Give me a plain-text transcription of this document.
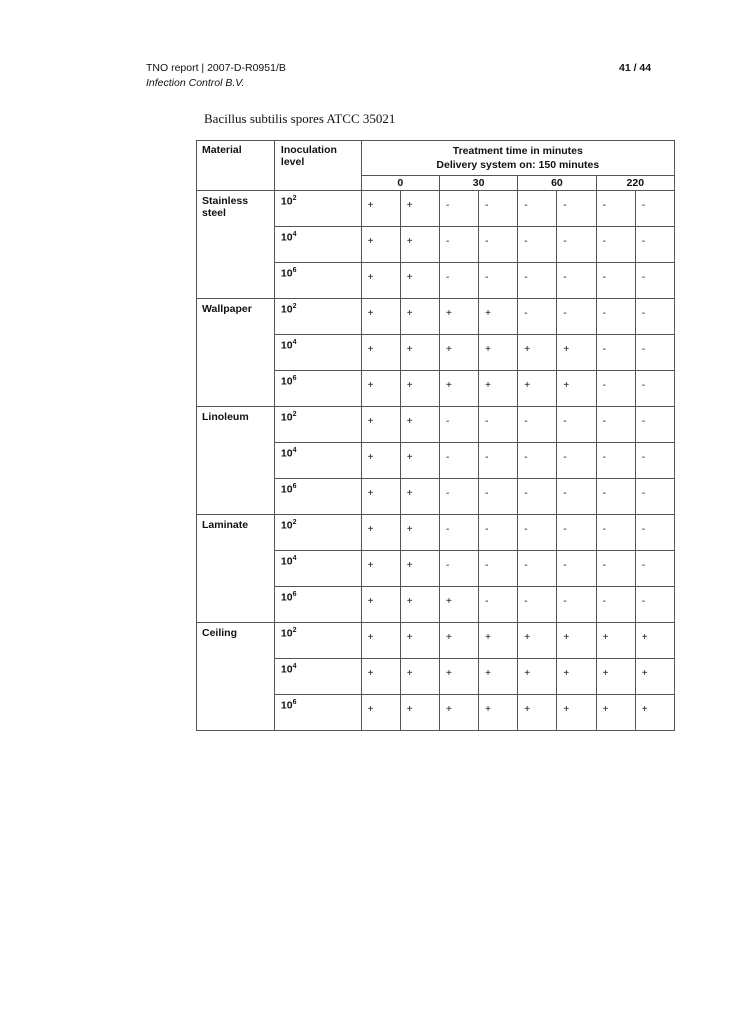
TNO report | 2007-D-R0951/B
Infection Control B.V.
41 / 44
Bacillus subtilis spores ATCC 35021
Material	Inoculation level	Treatment time in minutes
Delivery system on: 150 minutes							

		0		30		60		220	
Stainless steel	$10^2$	+	+	-	-	-	-	-	-
	$10^4$	+	+	-	-	-	-	-	-
	$10^6$	+	+	-	-	-	-	-	-
Wallpaper	$10^2$	+	+	+	+	-	-	-	-
	$10^4$	+	+	+	+	+	+	-	-
	$10^6$	+	+	+	+	+	+	-	-
Linoleum	$10^2$	+	+	-	-	-	-	-	-
	$10^4$	+	+	-	-	-	-	-	-
	$10^6$	+	+	-	-	-	-	-	-
Laminate	$10^2$	+	+	-	-	-	-	-	-
	$10^4$	+	+	-	-	-	-	-	-
	$10^6$	+	+	+	-	-	-	-	-
Ceiling	$10^2$	+	+	+	+	+	+	+	+
	$10^4$	+	+	+	+	+	+	+	+
	$10^6$	+	+	+	+	+	+	+	+
